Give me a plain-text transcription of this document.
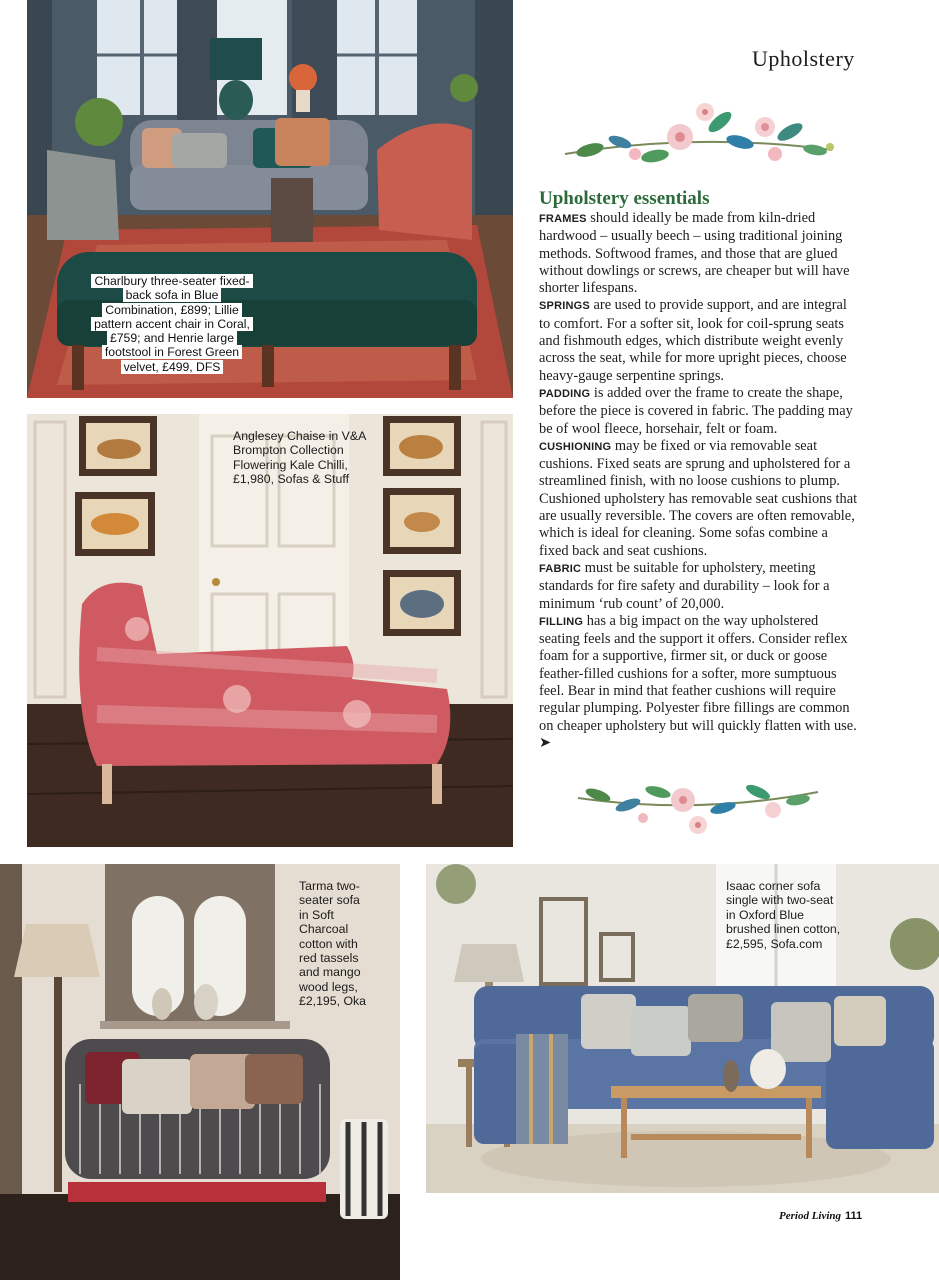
Charlbury three-seater fixed-back sofa in Blue Combination, £899; Lillie pattern accent chair in Coral, £759; and Henrie large footstool in Forest Green velvet, £499, DFS
Anglesey Chaise in V&A Brompton Collection Flowering Kale Chilli, £1,980, Sofas & Stuff
Tarma two-seater sofa in Soft Charcoal cotton with red tassels and mango wood legs, £2,195, Oka
Isaac corner sofa single with two-seat in Oxford Blue brushed linen cotton, £2,595, Sofa.com
Upholstery
Upholstery essentials

FRAMES should ideally be made from kiln-dried hardwood – usually beech – using traditional joining methods. Softwood frames, and those that are glued without dowlings or screws, are cheaper but will have shorter lifespans.

SPRINGS are used to provide support, and are integral to comfort. For a softer sit, look for coil-sprung seats and fishmouth edges, which distribute weight evenly across the seat, while for more upright pieces, choose heavy-gauge serpentine springs.

PADDING is added over the frame to create the shape, before the piece is covered in fabric. The padding may be of wool fleece, horsehair, felt or foam.

CUSHIONING may be fixed or via removable seat cushions. Fixed seats are sprung and upholstered for a streamlined finish, with no loose cushions to plump. Cushioned upholstery has removable seat cushions that are usually reversible. The covers are often removable, which is ideal for cleaning. Some sofas combine a fixed back and seat cushions.

FABRIC must be suitable for upholstery, meeting standards for fire safety and durability – look for a minimum ‘rub count’ of 20,000.

FILLING has a big impact on the way upholstered seating feels and the support it offers. Consider reflex foam for a supportive, firmer sit, or duck or goose feather-filled cushions for a softer, more sumptuous feel. Bear in mind that feather cushions will require regular plumping. Polyester fibre fillings are common on cheaper upholstery but will quickly flatten with use. ➤

Period Living 111
